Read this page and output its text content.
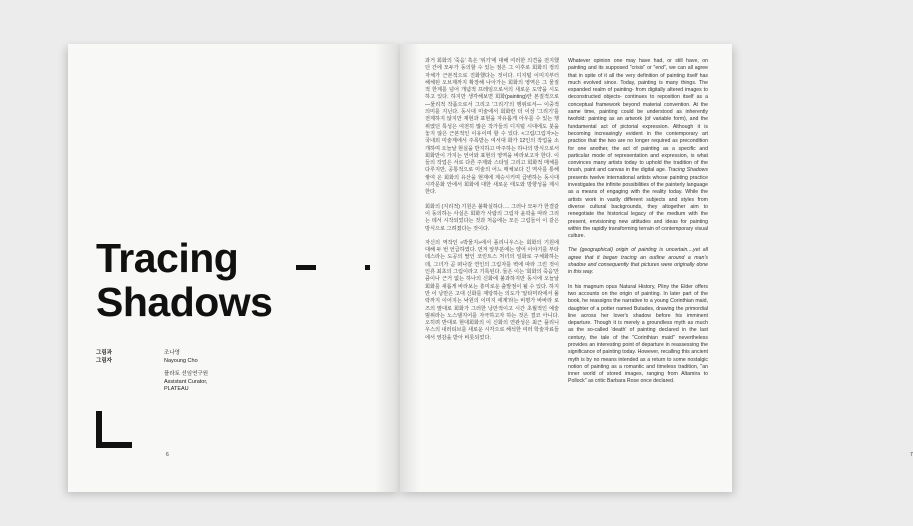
Tracing
Shadows
그림과
그림자
조나영
Nayoung Cho
플라토 선임연구원
Assistant Curator,
PLATEAU
6

과거 회화의 '죽음' 혹은 '위기'에 대해 여러한 의견을 전지했던 간에 모두가 동의할 수 있는 점은 그 이후로 회화의 정의 자체가 근본적으로 진화했다는 것이다. 디지털 이미지부터 해체된 오브제까지 확장해 나아가는 회화의 영역은 그 물질적 한계를 넘어 개념적 프레임으로서의 새로운 도약을 시도하고 있다. 하지만 생각해보면 회화(painting)란 본질적으로—물리적 작품으로서 그리고 '그리기'의 행위로서— 이중적 의미를 지닌다. 동시대 미술에서 회화란 더 이상 '그리기'를 전제하지 않지만 재현과 표현을 자유롭게 아우를 수 있는 행위였던 특성은 여전히 많은 작가들의 디지털 시대에도 붓을 놓지 않은 근본적인 이유이며 할 수 있다. <그림/그림자>는 국내외 미술계에서 주목받는 여서대 화가 12인의 작업을 소개하며 오늘날 현실을 반지하고 마주하는 하나의 방식으로서 회화만이 가지는 언어와 표현의 영역을 바라보고자 한다. 이들의 작업은 서로 다른 주제와 스타일 그리고 회화적 매체를 다루지만, 공통적으로 미술의 어느 매체보다 긴 역사를 통해 쌓여 온 회화의 유산을 현재에 계승시키며 급변하는 동시대 시각문화 안에서 회화에 대한 새로운 태도와 방향성을 제시한다.

회화의 (지리적) 기원은 불확실하다…. 그러나 모두가 한결같이 동의하는 사실은 회화가 사람의 그림자 윤곽을 따라 그리는 데서 시작되었다는 것과 처음에는 모든 그림들이 이 같은 방식으로 그려졌다는 것이다.

자신의 역작인 «박물지»에서 플리니우스는 회화의 기원에 대해 두 번 언급하였다. 먼저 앞부분에는 양어 이야기를 부타데스라는 도공의 딸인 코린트스 처녀의 일화로 구체화하는데, 그녀가 곧 떠나갈 연인의 그림자를 벽에 따라 그린 것이 인류 최초의 그림이라고 기록된다. 둘은 이는 '회화의 죽음'만큼이나 근거 없는 하나의 신화에 불과하지만 동시에 오늘날 회화를 새롭게 바라보는 흥미로운 출발점이 될 수 있다. 하지만 이 낭만은 고대 신화를 재탕하는 의도가 '알타미라에서 폴락까지 이어지는 낙원의 이미지 세계'라는 비평가 바바라 로즈의 말대로 회화가 그러한 낭만적이고 시간 초월적인 예술 범위라는 노스탤지어를 자극하고자 하는 것은 결코 아니다. 오히려 반대로 현대회화의 이 신화의 연관성은 최근 플리니우스의 내러티브를 새로운 시각으로 해석한 여러 학술자료들에서 영감을 받아 비롯되었다.

Whatever opinion one may have had, or still have, on painting and its supposed "crisis" or "end", we can all agree that in spite of it all the very definition of painting itself has much evolved since. Today, painting is many things. The expanded realm of painting- from digitally altered images to deconstructed objects- continues to reposition itself as a conceptual framework beyond material convention. At the same time, painting could be understood as inherently twofold: painting as an artwork (of variable form), and the fundamental act of pictorial expression. Although it is becoming increasingly evident in the contemporary art practice that the two are no longer required as precondition for one another, the act of painting as a specific and particular mode of representation and expression, is what convinces many artists today to uphold the tradition of the brush, paint and canvas in the digital age. Tracing Shadows presents twelve international artists whose painting practice investigates the infinite possibilities of the painterly language as a means of engaging with the reality today. While the artists work in vastly different subjects and styles from diverse cultural backgrounds, they altogether aim to renegotiate the historical legacy of the medium with the present, envisioning new attitudes and ideas for painting within the rapidly transforming terrain of contemporary visual culture.

The (geographical) origin of painting is uncertain....yet all agree that it began tracing an outline around a man's shadow and consequently that pictures were originally done in this way.

In his magnum opus Natural History, Pliny the Elder offers two accounts on the origin of painting. In later part of the book, he reassigns the narrative to a young Corinthian maid, daughter of a potter named Butades, drawing the primordial line across her lover's shadow before his imminent departure. Though it is merely a groundless myth as much as the so-called 'death' of painting declared in the last century, the tale of the "Corinthian maid" nevertheless provides an interesting point of departure in reassessing the significance of painting today. However, recalling this ancient myth is by no means intended as a return to some nostalgic notion of painting as a romantic and timeless tradition, "an inner world of stored images, ranging from Altamira to Pollock" as critic Barbara Rose once declared.

7
